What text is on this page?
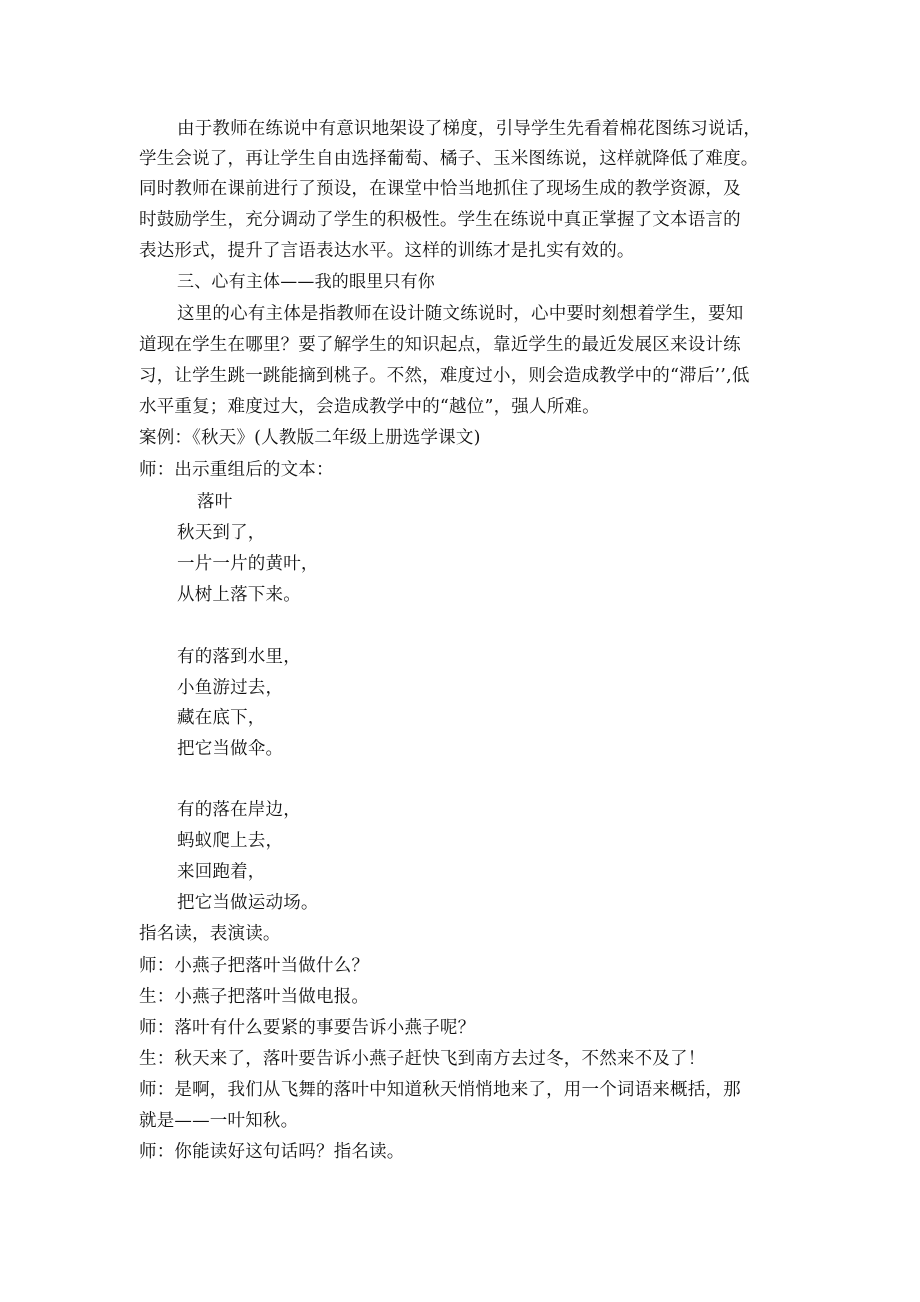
由于教师在练说中有意识地架设了梯度，引导学生先看着棉花图练习说话，
学生会说了，再让学生自由选择葡萄、橘子、玉米图练说，这样就降低了难度。
同时教师在课前进行了预设，在课堂中恰当地抓住了现场生成的教学资源，及
时鼓励学生，充分调动了学生的积极性。学生在练说中真正掌握了文本语言的
表达形式，提升了言语表达水平。这样的训练才是扎实有效的。
三、心有主体——我的眼里只有你
这里的心有主体是指教师在设计随文练说时，心中要时刻想着学生，要知
道现在学生在哪里？要了解学生的知识起点，靠近学生的最近发展区来设计练
习，让学生跳一跳能摘到桃子。不然，难度过小，则会造成教学中的“滞后’’,低
水平重复；难度过大，会造成教学中的“越位”，强人所难。
案例：《秋天》(人教版二年级上册选学课文)
师：出示重组后的文本：
落叶
秋天到了，
一片一片的黄叶，
从树上落下来。
有的落到水里，
小鱼游过去，
藏在底下，
把它当做伞。
有的落在岸边，
蚂蚁爬上去，
来回跑着，
把它当做运动场。
指名读，表演读。
师：小燕子把落叶当做什么？
生：小燕子把落叶当做电报。
师：落叶有什么要紧的事要告诉小燕子呢？
生：秋天来了，落叶要告诉小燕子赶快飞到南方去过冬，不然来不及了！
师：是啊，我们从飞舞的落叶中知道秋天悄悄地来了，用一个词语来概括，那
就是——一叶知秋。
师：你能读好这句话吗？指名读。
